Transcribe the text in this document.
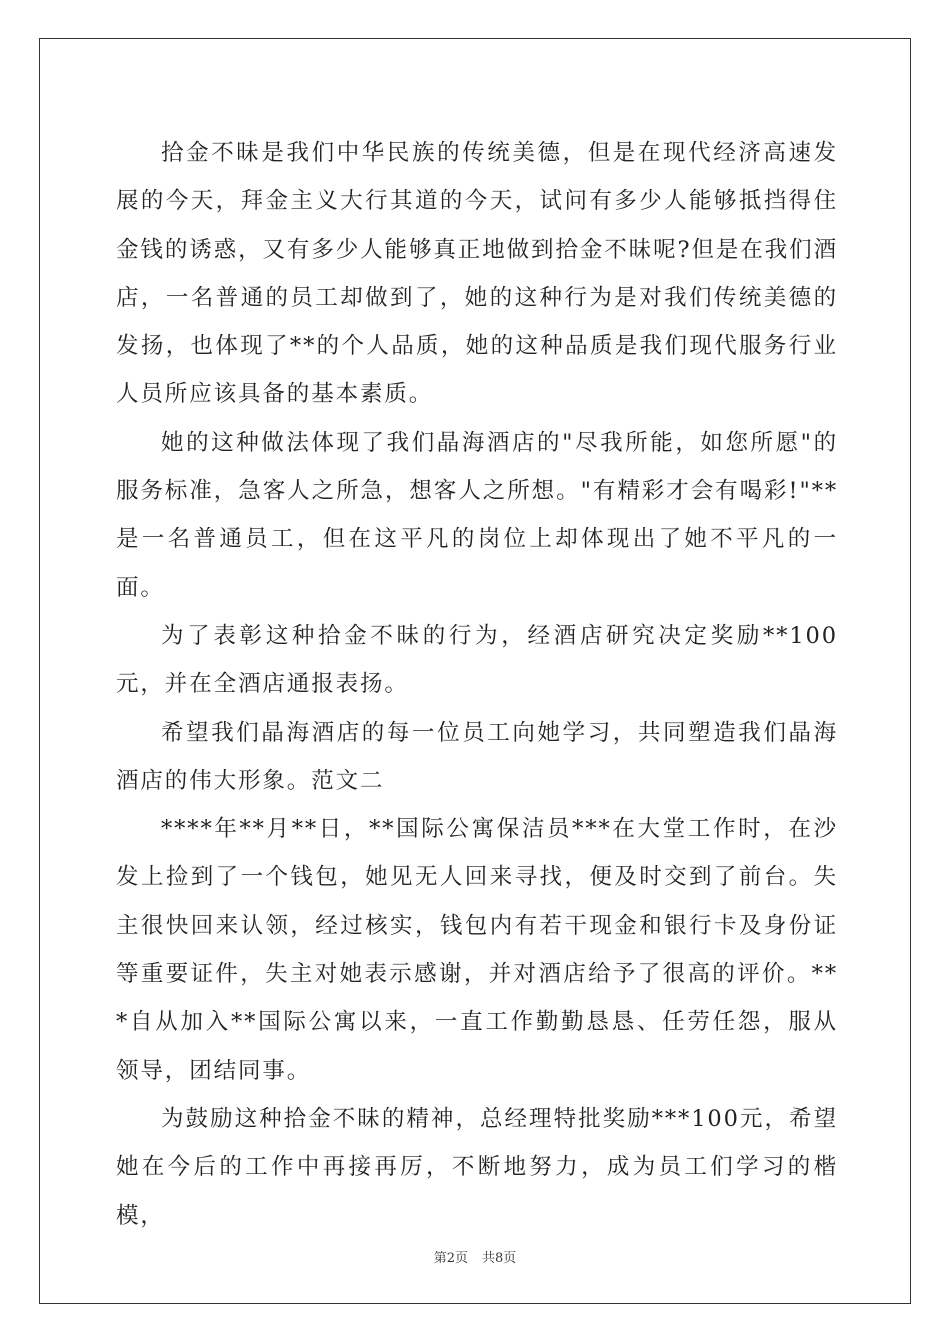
拾金不昧是我们中华民族的传统美德，但是在现代经济高速发展的今天，拜金主义大行其道的今天，试问有多少人能够抵挡得住金钱的诱惑，又有多少人能够真正地做到拾金不昧呢?但是在我们酒店，一名普通的员工却做到了，她的这种行为是对我们传统美德的发扬，也体现了**的个人品质，她的这种品质是我们现代服务行业人员所应该具备的基本素质。

她的这种做法体现了我们晶海酒店的"尽我所能，如您所愿"的服务标准，急客人之所急，想客人之所想。"有精彩才会有喝彩!"**是一名普通员工，但在这平凡的岗位上却体现出了她不平凡的一面。

为了表彰这种拾金不昧的行为，经酒店研究决定奖励**100元，并在全酒店通报表扬。

希望我们晶海酒店的每一位员工向她学习，共同塑造我们晶海酒店的伟大形象。范文二

****年**月**日，**国际公寓保洁员***在大堂工作时，在沙发上捡到了一个钱包，她见无人回来寻找，便及时交到了前台。失主很快回来认领，经过核实，钱包内有若干现金和银行卡及身份证等重要证件，失主对她表示感谢，并对酒店给予了很高的评价。***自从加入**国际公寓以来，一直工作勤勤恳恳、任劳任怨，服从领导，团结同事。

为鼓励这种拾金不昧的精神，总经理特批奖励***100元，希望她在今后的工作中再接再厉，不断地努力，成为员工们学习的楷模，

第2页 共8页
